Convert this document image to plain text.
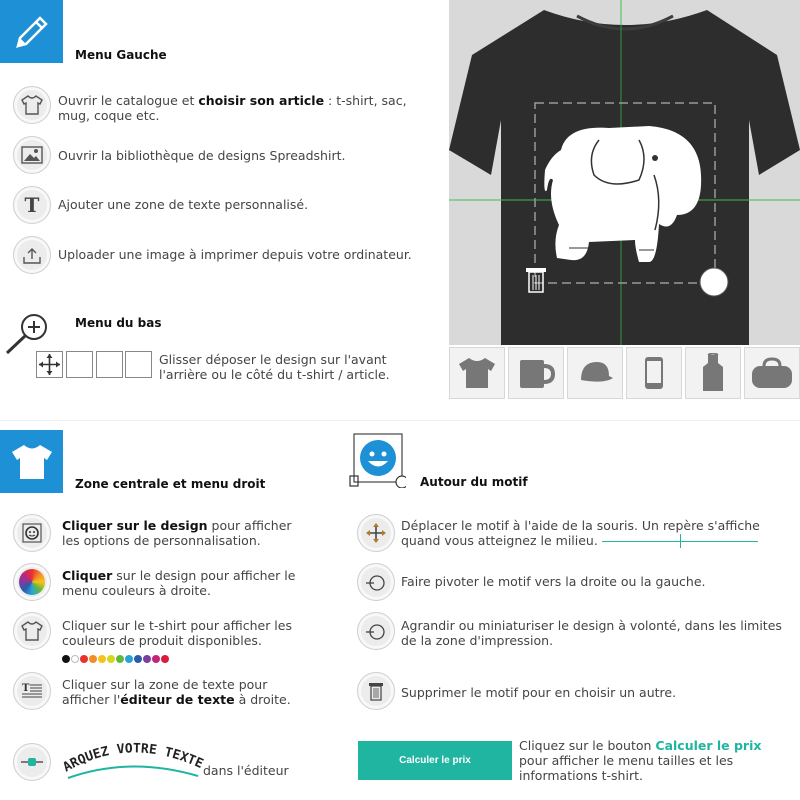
Menu Gauche
Ouvrir le catalogue et choisir son article : t-shirt, sac, mug, coque etc.
Ouvrir la bibliothèque de designs Spreadshirt.
T Ajouter une zone de texte personnalisé.
Uploader une image à imprimer depuis votre ordinateur.
Menu du bas
Glisser déposer le design sur l'avant l'arrière ou le côté du t-shirt / article.
Zone centrale et menu droit
Cliquer sur le design pour afficher les options de personnalisation.
Cliquer sur le design pour afficher le menu couleurs à droite.
Cliquer sur le t-shirt pour afficher les couleurs de produit disponibles.
T	Cliquer sur la zone de texte pour afficher l'éditeur de texte à droite.
ARQUEZ VOTRE TEXTE
dans l'éditeur
Autour du motif
Déplacer le motif à l'aide de la souris. Un repère s'affiche quand vous atteignez le milieu.
Faire pivoter le motif vers la droite ou la gauche.
Agrandir ou miniaturiser le design à volonté, dans les limites de la zone d'impression.
Supprimer le motif pour en choisir un autre.
Calculer le prix
Cliquez sur le bouton Calculer le prix pour afficher le menu tailles et les informations t-shirt.
